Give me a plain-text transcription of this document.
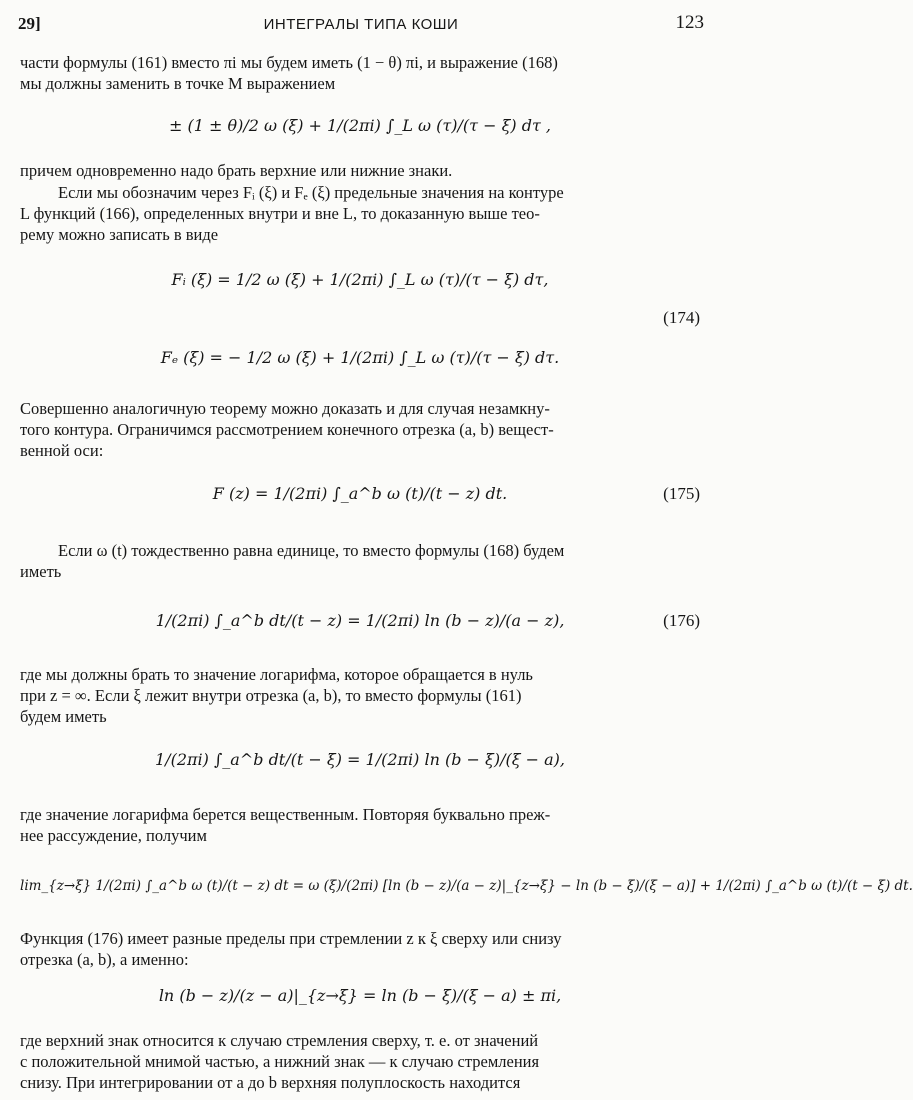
29]	ИНТЕГРАЛЫ ТИПА КОШИ	123
части формулы (161) вместо πi мы будем иметь (1 − θ) πi, и выражение (168)
мы должны заменить в точке M выражением
± (1 ± θ)/2 ω (ξ) + 1/(2πi) ∫_L ω (τ)/(τ − ξ) dτ ,
причем одновременно надо брать верхние или нижние знаки.
Если мы обозначим через Fᵢ (ξ) и Fₑ (ξ) предельные значения на контуре
L функций (166), определенных внутри и вне L, то доказанную выше тео-
рему можно записать в виде
Fᵢ (ξ) = 1/2 ω (ξ) + 1/(2πi) ∫_L ω (τ)/(τ − ξ) dτ,
(174)
Fₑ (ξ) = − 1/2 ω (ξ) + 1/(2πi) ∫_L ω (τ)/(τ − ξ) dτ.
Совершенно аналогичную теорему можно доказать и для случая незамкну-
того контура. Ограничимся рассмотрением конечного отрезка (a, b) вещест-
венной оси:
F (z) = 1/(2πi) ∫_a^b ω (t)/(t − z) dt.	(175)
Если ω (t) тождественно равна единице, то вместо формулы (168) будем
иметь
1/(2πi) ∫_a^b dt/(t − z) = 1/(2πi) ln (b − z)/(a − z),	(176)
где мы должны брать то значение логарифма, которое обращается в нуль
при z = ∞. Если ξ лежит внутри отрезка (a, b), то вместо формулы (161)
будем иметь
1/(2πi) ∫_a^b dt/(t − ξ) = 1/(2πi) ln (b − ξ)/(ξ − a),
где значение логарифма берется вещественным. Повторяя буквально преж-
нее рассуждение, получим
lim_{z→ξ} 1/(2πi) ∫_a^b ω (t)/(t − z) dt = ω (ξ)/(2πi) [ln (b − z)/(a − z)|_{z→ξ} − ln (b − ξ)/(ξ − a)] + 1/(2πi) ∫_a^b ω (t)/(t − ξ) dt.
Функция (176) имеет разные пределы при стремлении z к ξ сверху или снизу
отрезка (a, b), а именно:
ln (b − z)/(z − a)|_{z→ξ} = ln (b − ξ)/(ξ − a) ± πi,
где верхний знак относится к случаю стремления сверху, т. е. от значений
с положительной мнимой частью, а нижний знак — к случаю стремления
снизу. При интегрировании от a до b верхняя полуплоскость находится
